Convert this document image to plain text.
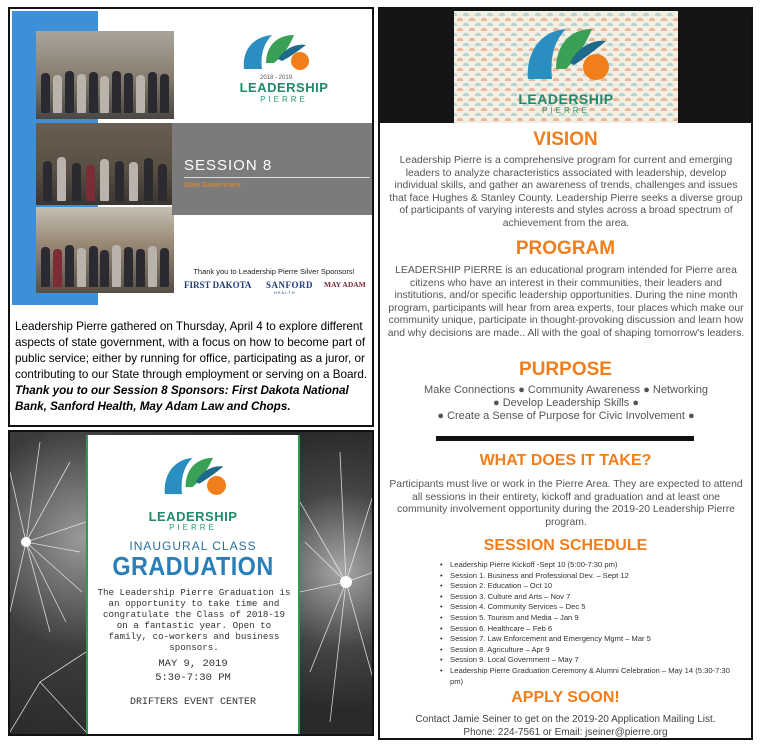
2018 - 2019
LEADERSHIP
PIERRE
SESSION 8
State Government
Thank you to Leadership Pierre Silver Sponsors!
FIRST DAKOTA SANFORD
HEALTH
MAY ADAM
Leadership Pierre gathered on Thursday, April 4 to explore different aspects of state government, with a focus on how to become part of public service; either by running for office, participating as a juror, or contributing to our State through employment or serving on a Board. Thank you to our Session 8 Sponsors: First Dakota National Bank, Sanford Health, May Adam Law and Chops.
LEADERSHIP
PIERRE
INAUGURAL CLASS
GRADUATION
The Leadership Pierre Graduation is an opportunity to take time and congratulate the Class of 2018-19 on a fantastic year. Open to family, co-workers and business sponsors.
MAY 9, 2019
5:30-7:30 PM
DRIFTERS EVENT CENTER
LEADERSHIP
PIERRE
VISION
Leadership Pierre is a comprehensive program for current and emerging leaders to analyze characteristics associated with leadership, develop individual skills, and gather an awareness of trends, challenges and issues that face Hughes & Stanley County. Leadership Pierre seeks a diverse group of participants of varying interests and styles across a broad spectrum of achievement from the area.
PROGRAM
LEADERSHIP PIERRE is an educational program intended for Pierre area citizens who have an interest in their communities, their leaders and institutions, and/or specific leadership opportunities. During the nine month program, participants will hear from area experts, tour places which make our community unique, participate in thought-provoking discussion and learn how and why decisions are made.. All with the goal of shaping tomorrow's leaders.
PURPOSE
Make Connections ● Community Awareness ● Networking
● Develop Leadership Skills ●
● Create a Sense of Purpose for Civic Involvement ●
WHAT DOES IT TAKE?
Participants must live or work in the Pierre Area. They are expected to attend all sessions in their entirety, kickoff and graduation and at least one community involvement opportunity during the 2019-20 Leadership Pierre program.
SESSION SCHEDULE
• Leadership Pierre Kickoff -Sept 10 (5:00-7:30 pm)
• Session 1. Business and Professional Dev. – Sept 12
• Session 2. Education – Oct 10
• Session 3. Culture and Arts – Nov 7
• Session 4. Community Services – Dec 5
• Session 5. Tourism and Media – Jan 9
• Session 6. Healthcare – Feb 6
• Session 7. Law Enforcement and Emergency Mgmt – Mar 5
• Session 8. Agriculture – Apr 9
• Session 9. Local Government – May 7
• Leadership Pierre Graduation Ceremony & Alumni Celebration – May 14 (5:30-7:30 pm)
APPLY SOON!
Contact Jamie Seiner to get on the 2019-20 Application Mailing List.
Phone: 224-7561 or Email: jseiner@pierre.org
